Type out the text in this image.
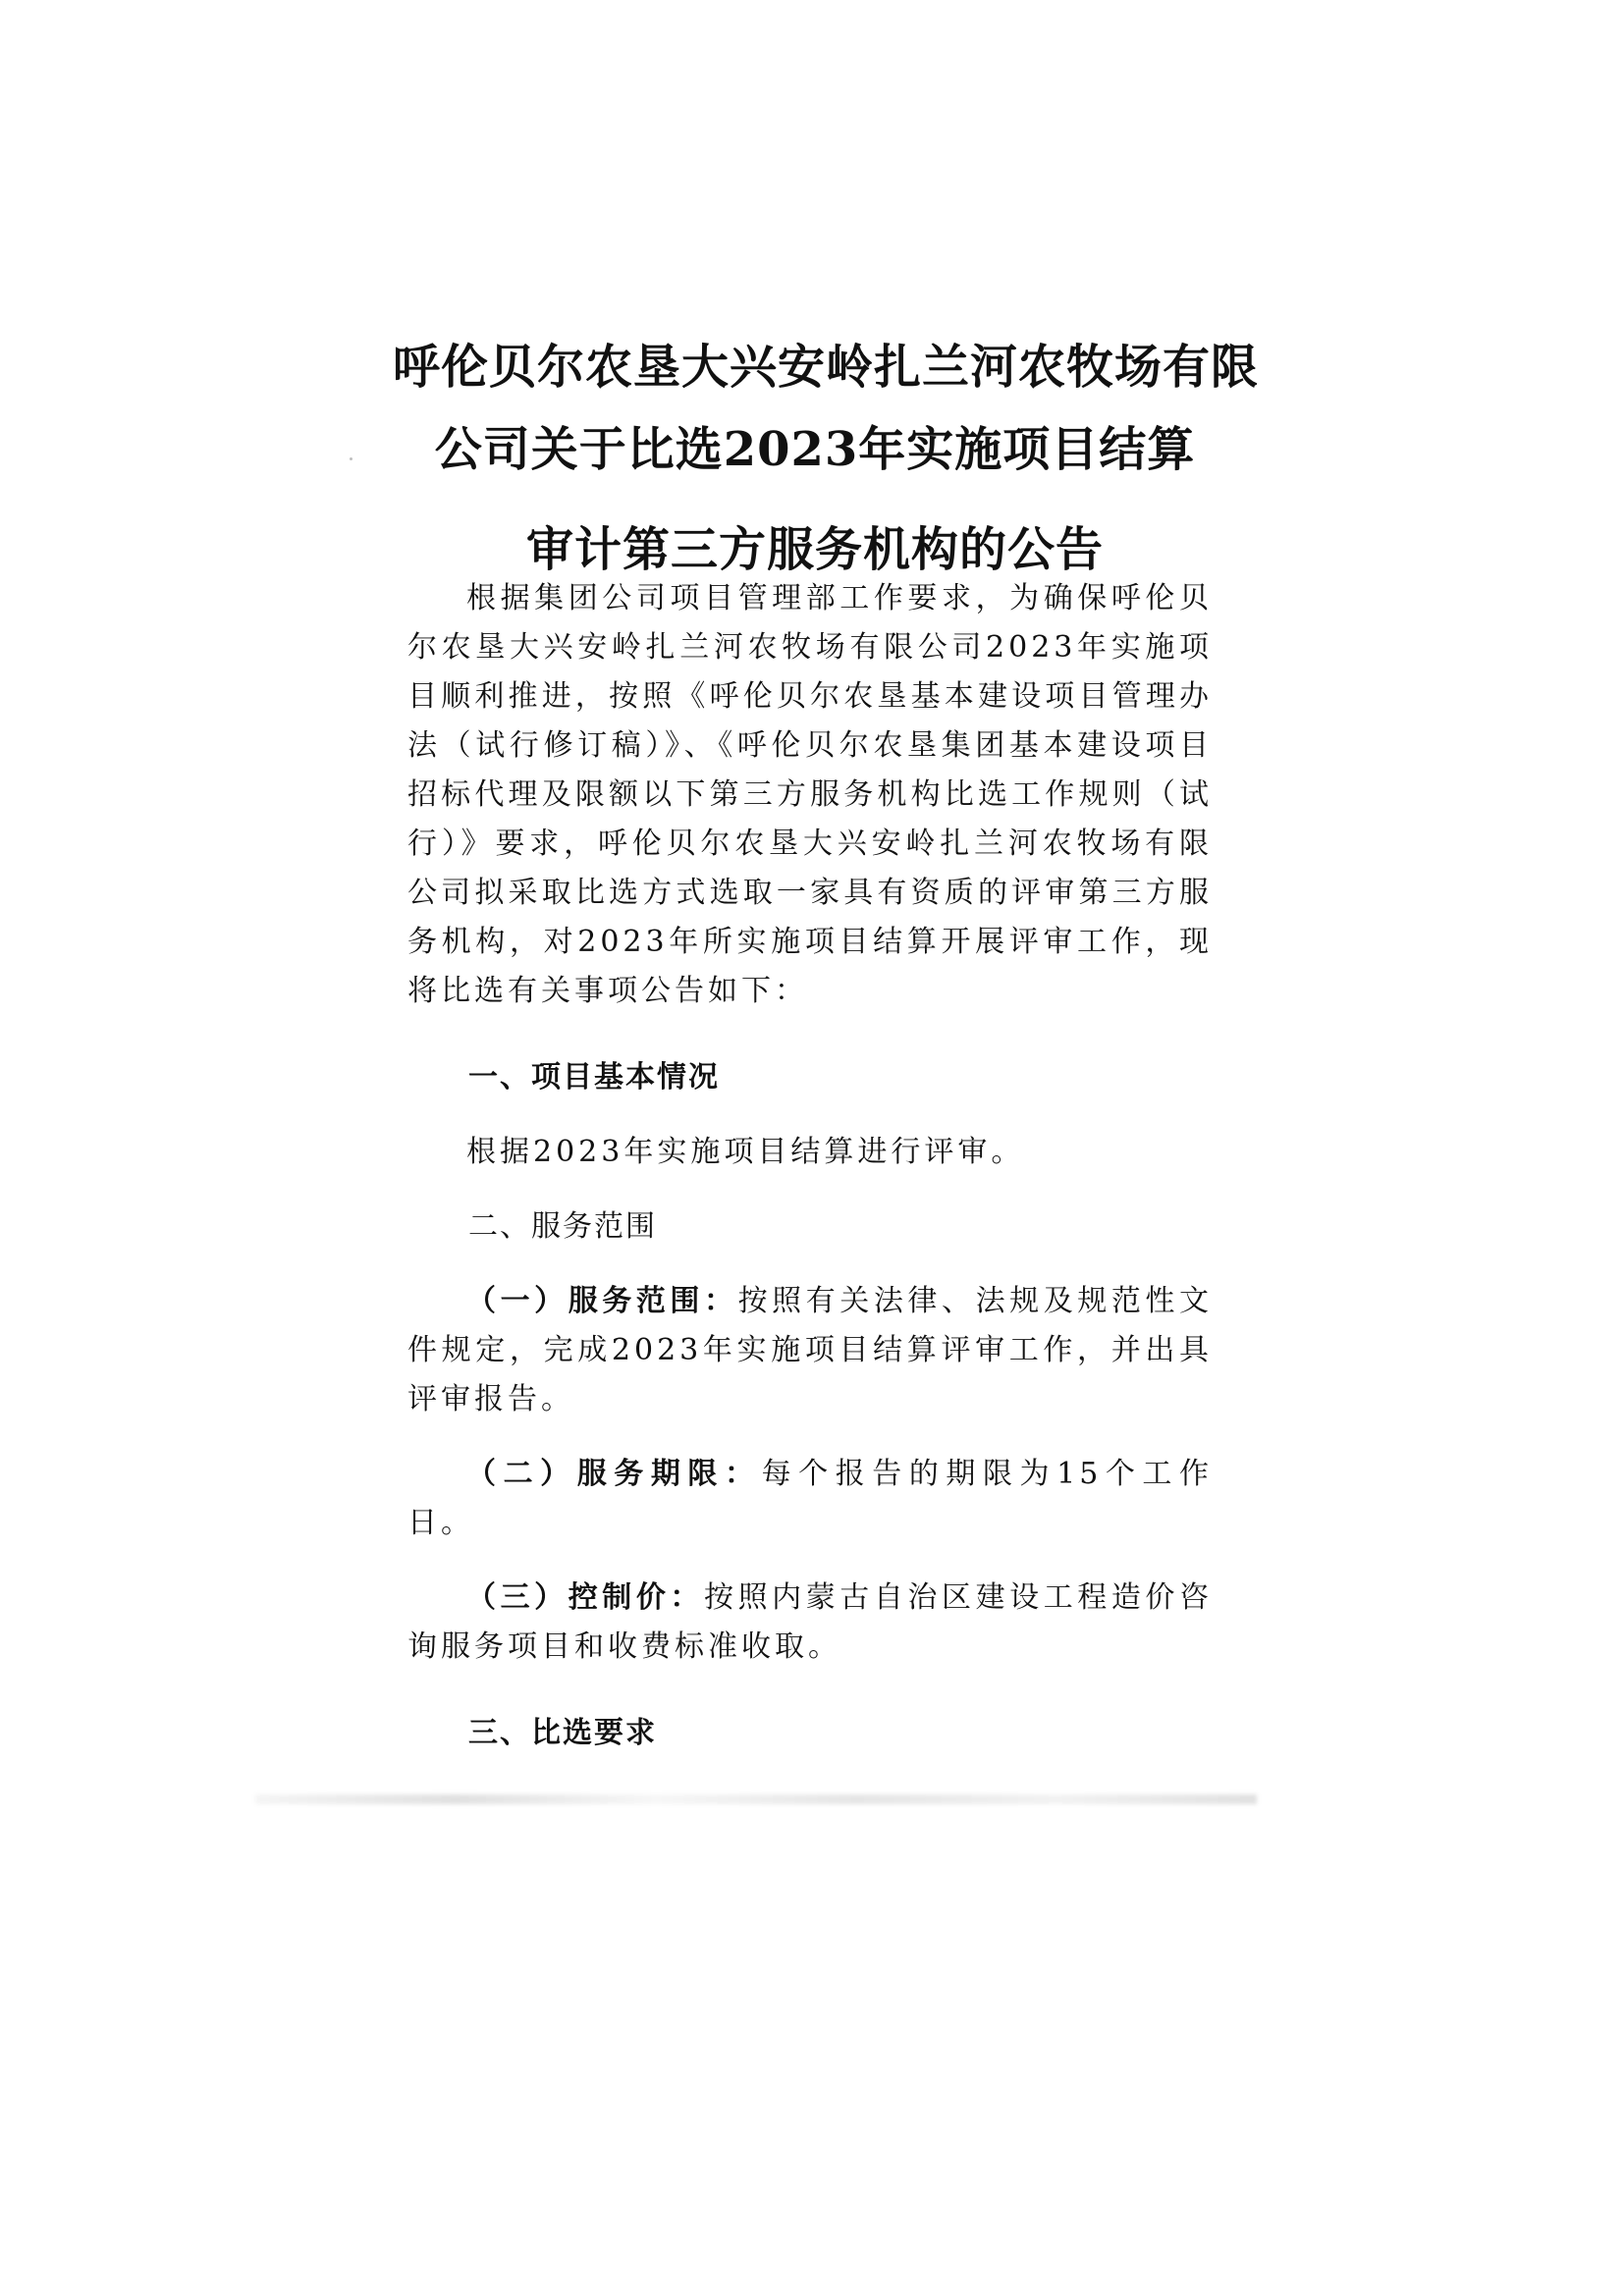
呼伦贝尔农垦大兴安岭扎兰河农牧场有限
公司关于比选2023年实施项目结算
审计第三方服务机构的公告

根据集团公司项目管理部工作要求，为确保呼伦贝尔农垦大兴安岭扎兰河农牧场有限公司2023年实施项目顺利推进，按照《呼伦贝尔农垦基本建设项目管理办法（试行修订稿）》、《呼伦贝尔农垦集团基本建设项目招标代理及限额以下第三方服务机构比选工作规则（试行）》要求，呼伦贝尔农垦大兴安岭扎兰河农牧场有限公司拟采取比选方式选取一家具有资质的评审第三方服务机构，对2023年所实施项目结算开展评审工作，现将比选有关事项公告如下：

一、项目基本情况

根据2023年实施项目结算进行评审。

二、服务范围

（一）服务范围：按照有关法律、法规及规范性文件规定，完成2023年实施项目结算评审工作，并出具评审报告。

（二）服务期限：每个报告的期限为15个工作日。

（三）控制价：按照内蒙古自治区建设工程造价咨询服务项目和收费标准收取。

三、比选要求
